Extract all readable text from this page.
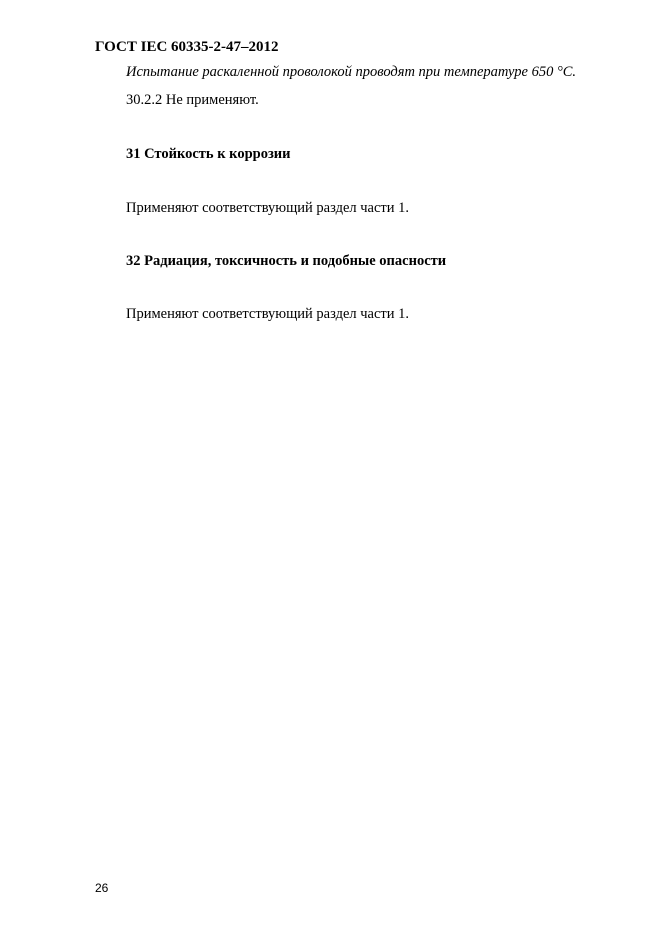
ГОСТ IEC 60335-2-47–2012
Испытание раскаленной проволокой проводят при температуре 650 °С.
30.2.2 Не применяют.
31 Стойкость к коррозии
Применяют соответствующий раздел части 1.
32 Радиация, токсичность и подобные опасности
Применяют соответствующий раздел части 1.
26
